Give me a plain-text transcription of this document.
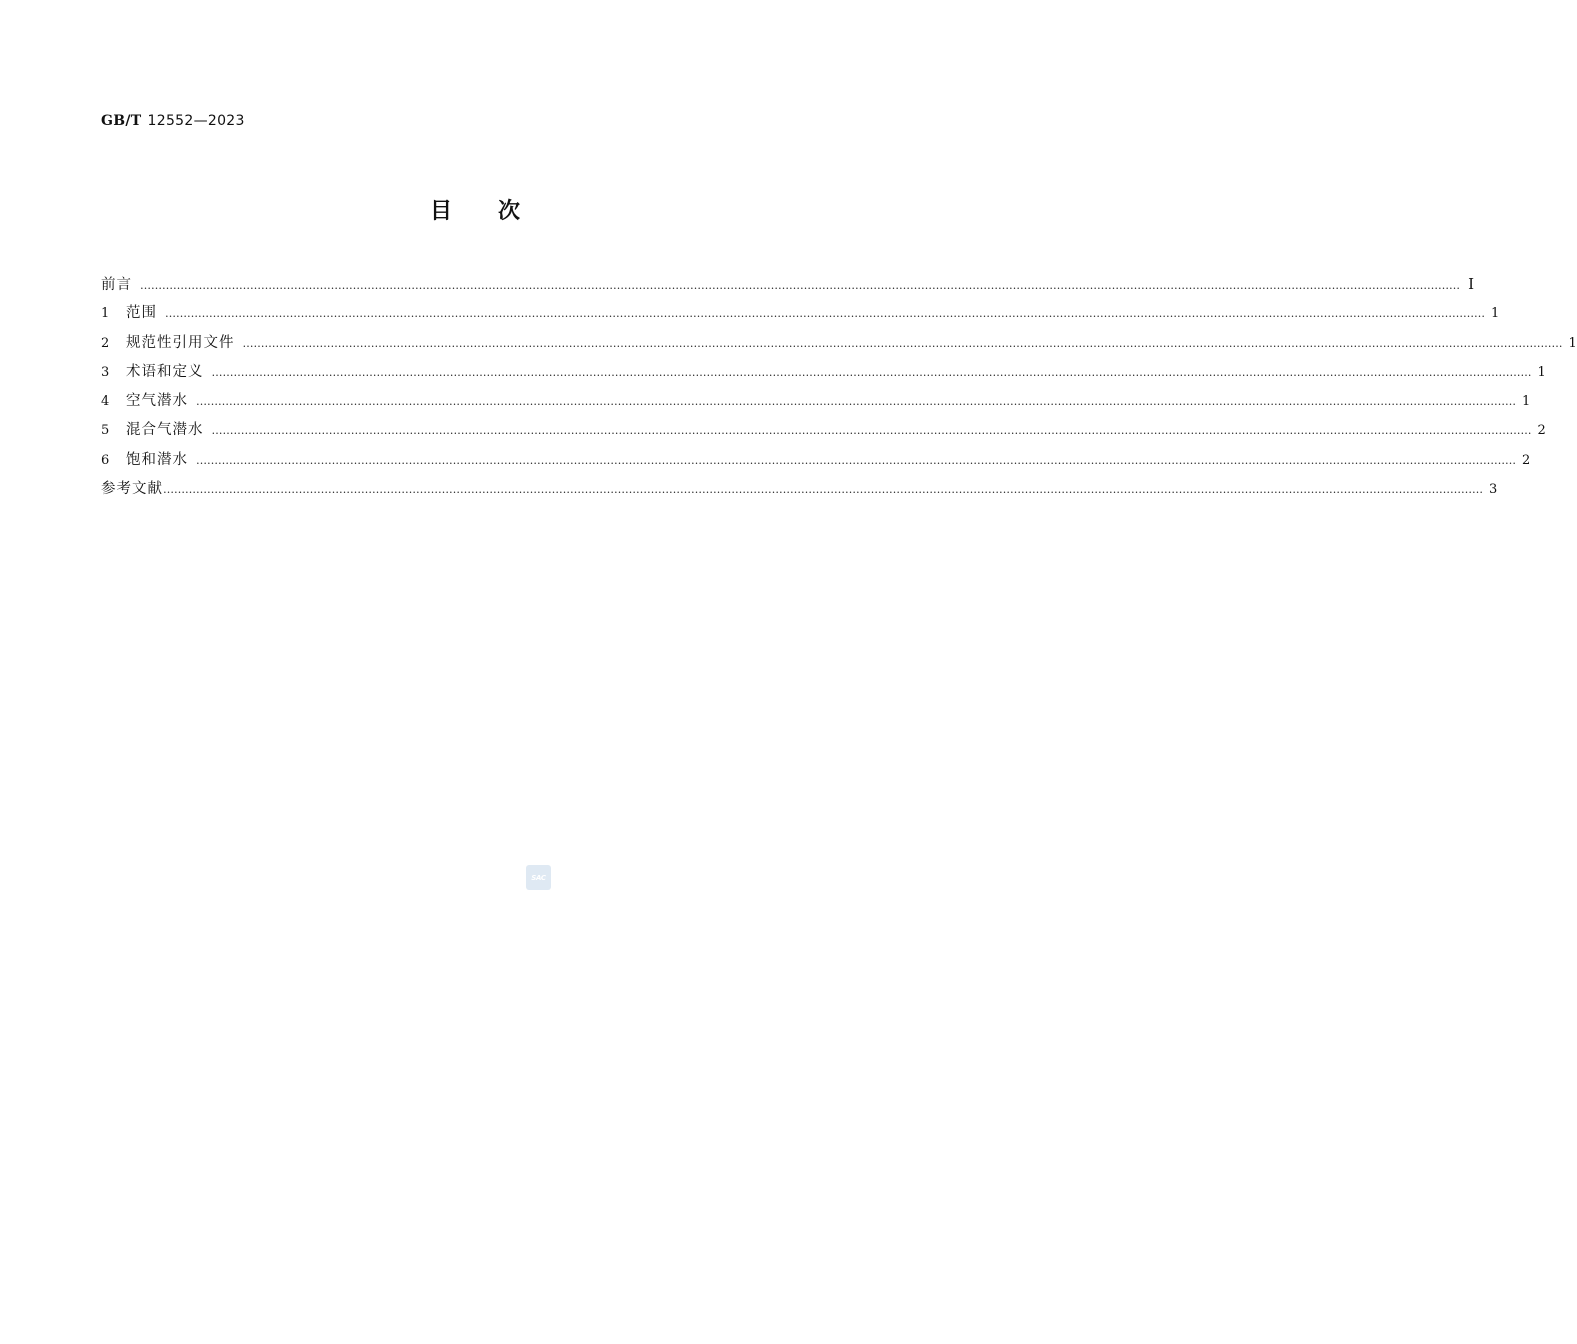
GB/T 12552—2023
目次
前言 ……………………………………………………………………………………………………………………………………………………………………………………………………………………………………………………………………………………………………………………………… Ⅰ
1	范围 ……………………………………………………………………………………………………………………………………………………………………………………………………………………………………………………………………………………………………………………………… 1
2	规范性引用文件 ……………………………………………………………………………………………………………………………………………………………………………………………………………………………………………………………………………………………………………………………… 1
3	术语和定义 ……………………………………………………………………………………………………………………………………………………………………………………………………………………………………………………………………………………………………………………………… 1
4	空气潜水 ……………………………………………………………………………………………………………………………………………………………………………………………………………………………………………………………………………………………………………………………… 1
5	混合气潜水 ……………………………………………………………………………………………………………………………………………………………………………………………………………………………………………………………………………………………………………………………… 2
6	饱和潜水 ……………………………………………………………………………………………………………………………………………………………………………………………………………………………………………………………………………………………………………………………… 2
参考文献 ……………………………………………………………………………………………………………………………………………………………………………………………………………………………………………………………………………………………………………………………… 3
SAC
